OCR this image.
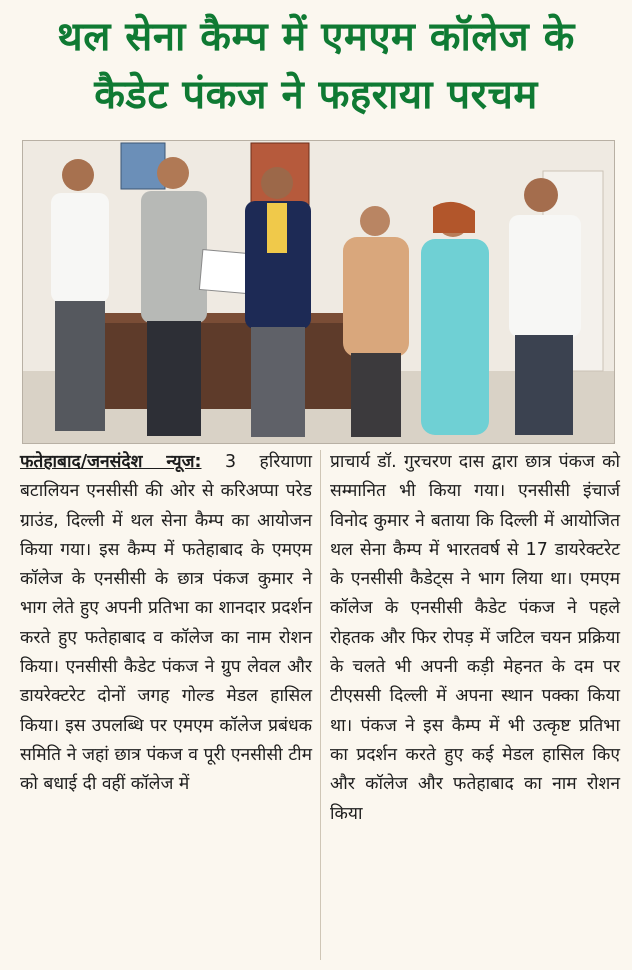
थल सेना कैम्प में एमएम कॉलेज के
कैडेट पंकज ने फहराया परचम
फतेहाबाद/जनसंदेश न्यूज: 3 हरियाणा बटालियन एनसीसी की ओर से करिअप्पा परेड ग्राउंड, दिल्ली में थल सेना कैम्प का आयोजन किया गया। इस कैम्प में फतेहाबाद के एमएम कॉलेज के एनसीसी के छात्र पंकज कुमार ने भाग लेते हुए अपनी प्रतिभा का शानदार प्रदर्शन करते हुए फतेहाबाद व कॉलेज का नाम रोशन किया। एनसीसी कैडेट पंकज ने ग्रुप लेवल और डायरेक्टरेट दोनों जगह गोल्ड मेडल हासिल किया। इस उपलब्धि पर एमएम कॉलेज प्रबंधक समिति ने जहां छात्र पंकज व पूरी एनसीसी टीम को बधाई दी वहीं कॉलेज में
प्राचार्य डॉ. गुरचरण दास द्वारा छात्र पंकज को सम्मानित भी किया गया। एनसीसी इंचार्ज विनोद कुमार ने बताया कि दिल्ली में आयोजित थल सेना कैम्प में भारतवर्ष से 17 डायरेक्टरेट के एनसीसी कैडेट्स ने भाग लिया था। एमएम कॉलेज के एनसीसी कैडेट पंकज ने पहले रोहतक और फिर रोपड़ में जटिल चयन प्रक्रिया के चलते भी अपनी कड़ी मेहनत के दम पर टीएससी दिल्ली में अपना स्थान पक्का किया था। पंकज ने इस कैम्प में भी उत्कृष्ट प्रतिभा का प्रदर्शन करते हुए कई मेडल हासिल किए और कॉलेज और फतेहाबाद का नाम रोशन किया
